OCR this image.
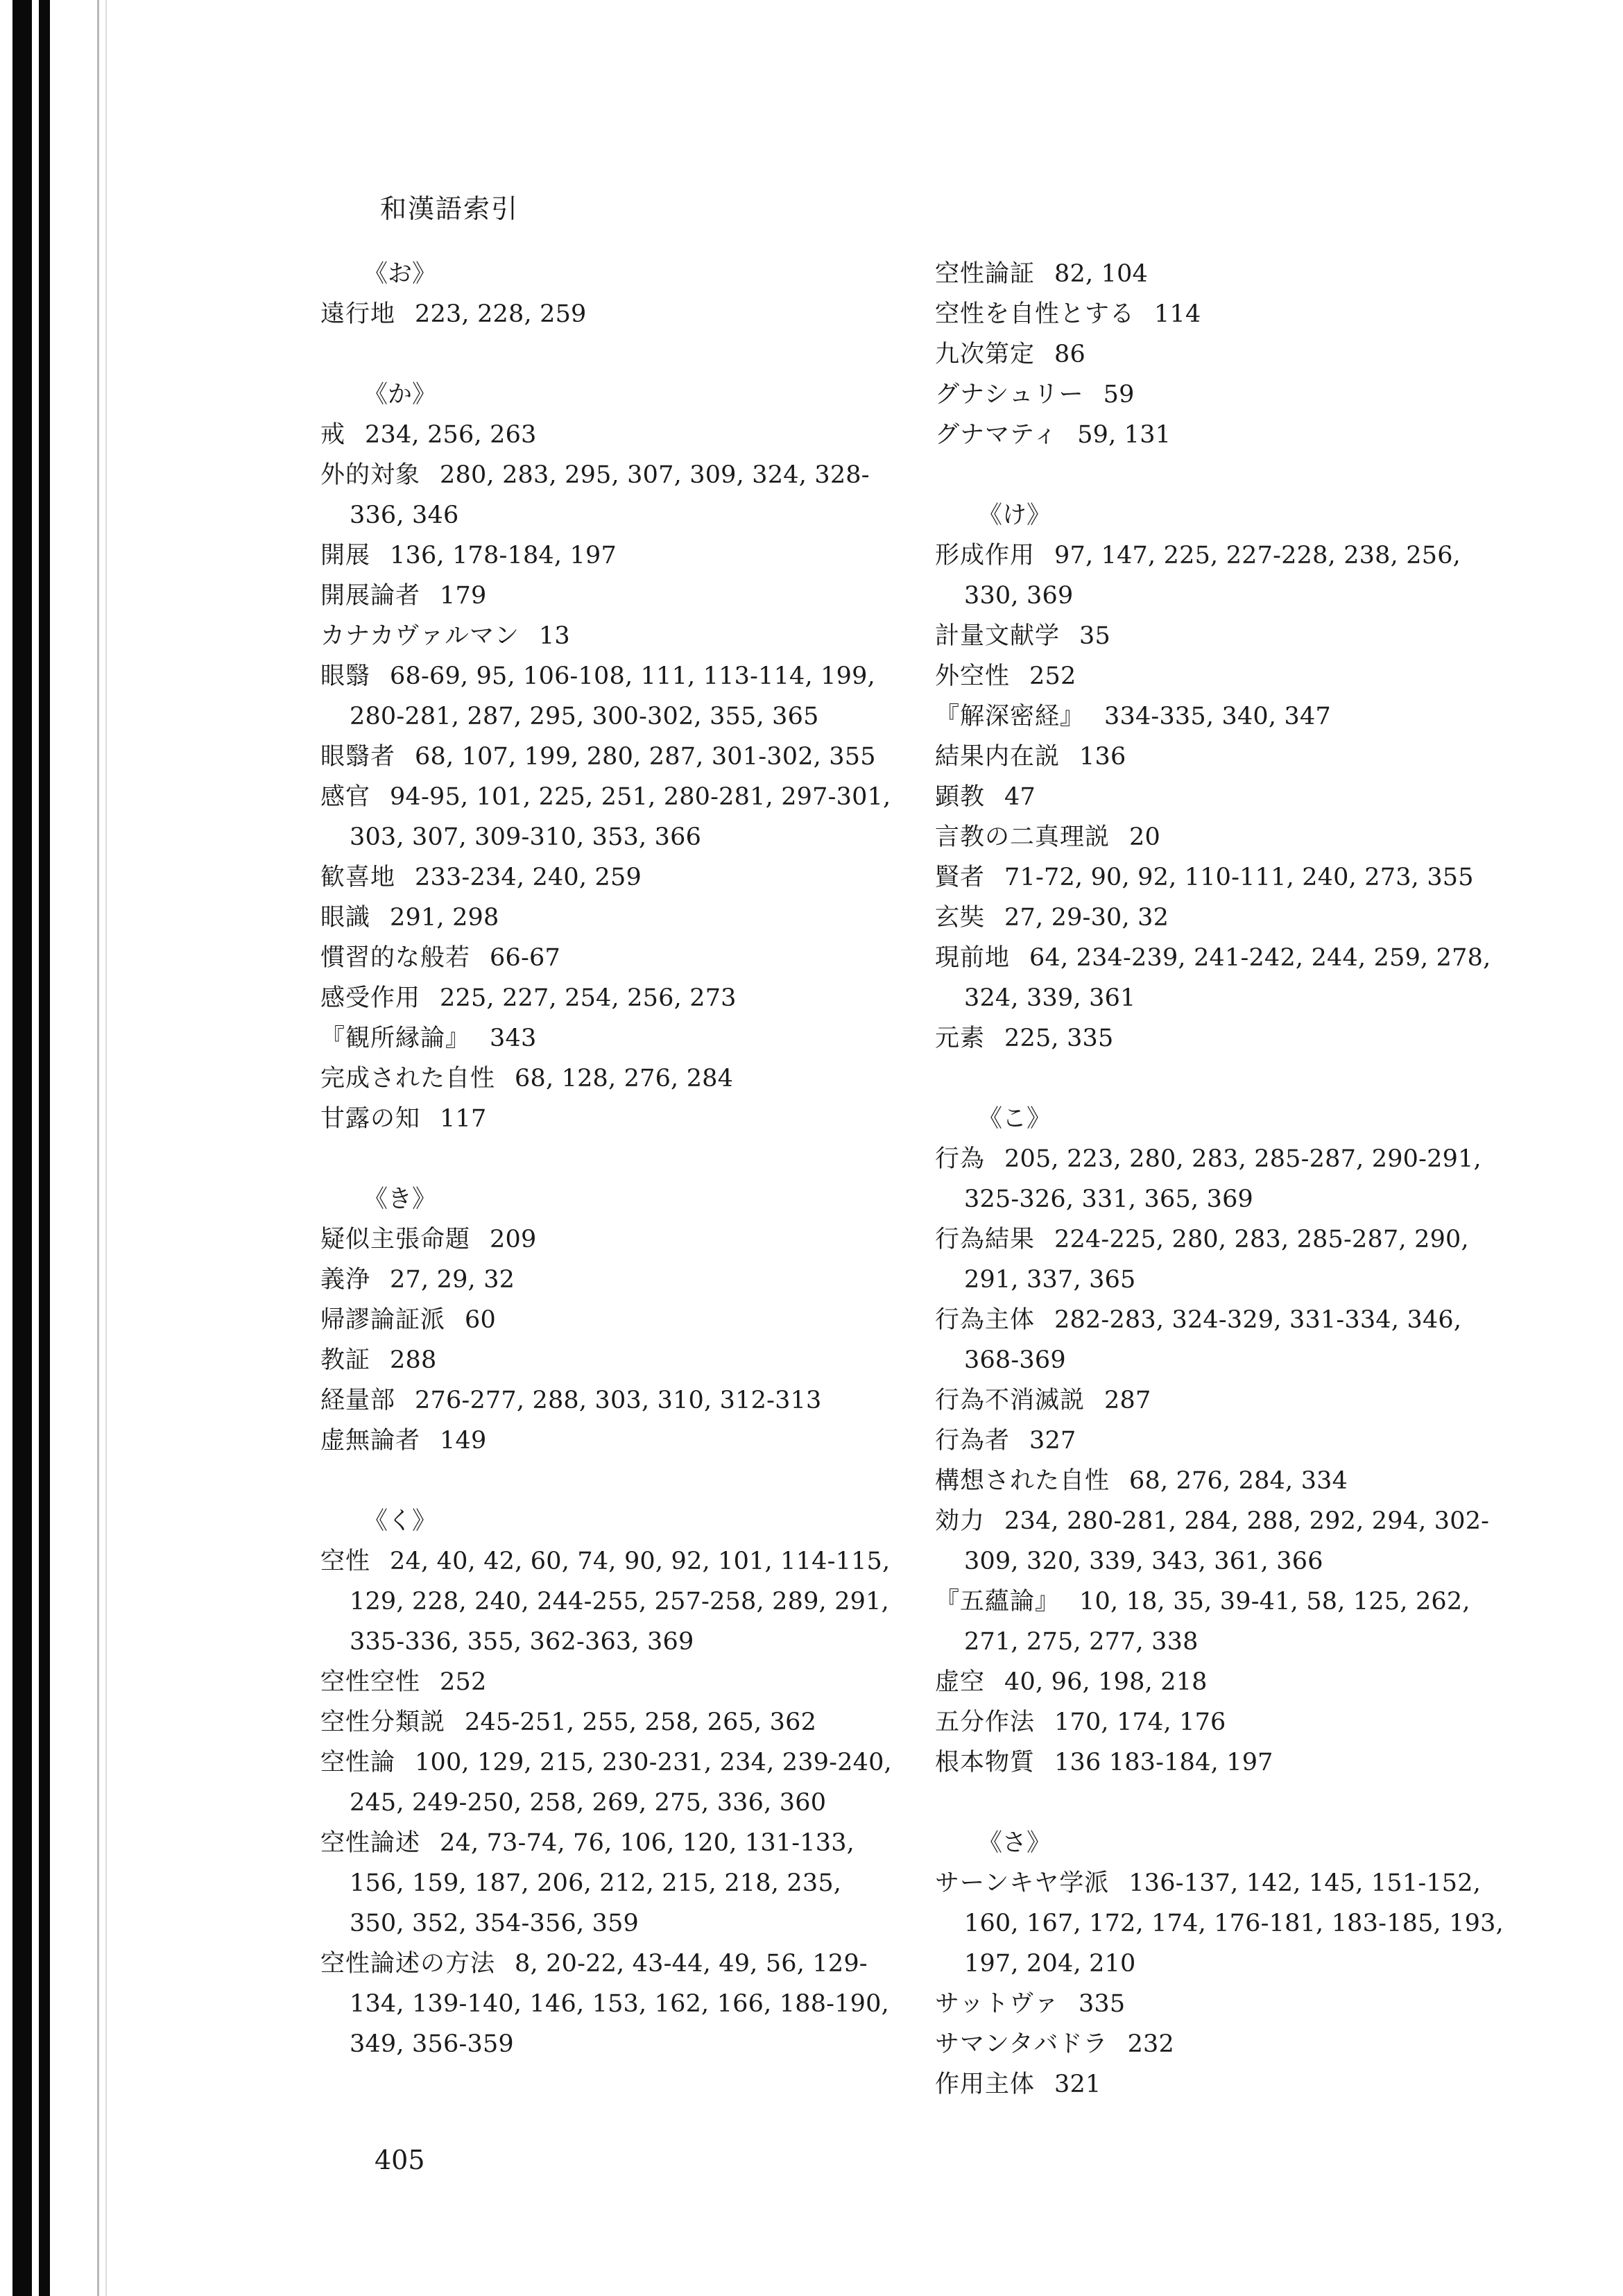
和漢語索引
《お》
遠行地 223, 228, 259
《か》
戒 234, 256, 263
外的対象 280, 283, 295, 307, 309, 324, 328-336, 346
開展 136, 178-184, 197
開展論者 179
カナカヴァルマン 13
眼翳 68-69, 95, 106-108, 111, 113-114, 199, 280-281, 287, 295, 300-302, 355, 365
眼翳者 68, 107, 199, 280, 287, 301-302, 355
感官 94-95, 101, 225, 251, 280-281, 297-301, 303, 307, 309-310, 353, 366
歓喜地 233-234, 240, 259
眼識 291, 298
慣習的な般若 66-67
感受作用 225, 227, 254, 256, 273
『観所縁論』 343
完成された自性 68, 128, 276, 284
甘露の知 117
《き》
疑似主張命題 209
義浄 27, 29, 32
帰謬論証派 60
教証 288
経量部 276-277, 288, 303, 310, 312-313
虚無論者 149
《く》
空性 24, 40, 42, 60, 74, 90, 92, 101, 114-115, 129, 228, 240, 244-255, 257-258, 289, 291, 335-336, 355, 362-363, 369
空性空性 252
空性分類説 245-251, 255, 258, 265, 362
空性論 100, 129, 215, 230-231, 234, 239-240, 245, 249-250, 258, 269, 275, 336, 360
空性論述 24, 73-74, 76, 106, 120, 131-133, 156, 159, 187, 206, 212, 215, 218, 235, 350, 352, 354-356, 359
空性論述の方法 8, 20-22, 43-44, 49, 56, 129-134, 139-140, 146, 153, 162, 166, 188-190, 349, 356-359
空性論証 82, 104
空性を自性とする 114
九次第定 86
グナシュリー 59
グナマティ 59, 131
《け》
形成作用 97, 147, 225, 227-228, 238, 256, 330, 369
計量文献学 35
外空性 252
『解深密経』 334-335, 340, 347
結果内在説 136
顕教 47
言教の二真理説 20
賢者 71-72, 90, 92, 110-111, 240, 273, 355
玄奘 27, 29-30, 32
現前地 64, 234-239, 241-242, 244, 259, 278, 324, 339, 361
元素 225, 335
《こ》
行為 205, 223, 280, 283, 285-287, 290-291, 325-326, 331, 365, 369
行為結果 224-225, 280, 283, 285-287, 290, 291, 337, 365
行為主体 282-283, 324-329, 331-334, 346, 368-369
行為不消滅説 287
行為者 327
構想された自性 68, 276, 284, 334
効力 234, 280-281, 284, 288, 292, 294, 302-309, 320, 339, 343, 361, 366
『五蘊論』 10, 18, 35, 39-41, 58, 125, 262, 271, 275, 277, 338
虚空 40, 96, 198, 218
五分作法 170, 174, 176
根本物質 136 183-184, 197
《さ》
サーンキヤ学派 136-137, 142, 145, 151-152, 160, 167, 172, 174, 176-181, 183-185, 193, 197, 204, 210
サットヴァ 335
サマンタバドラ 232
作用主体 321
405
